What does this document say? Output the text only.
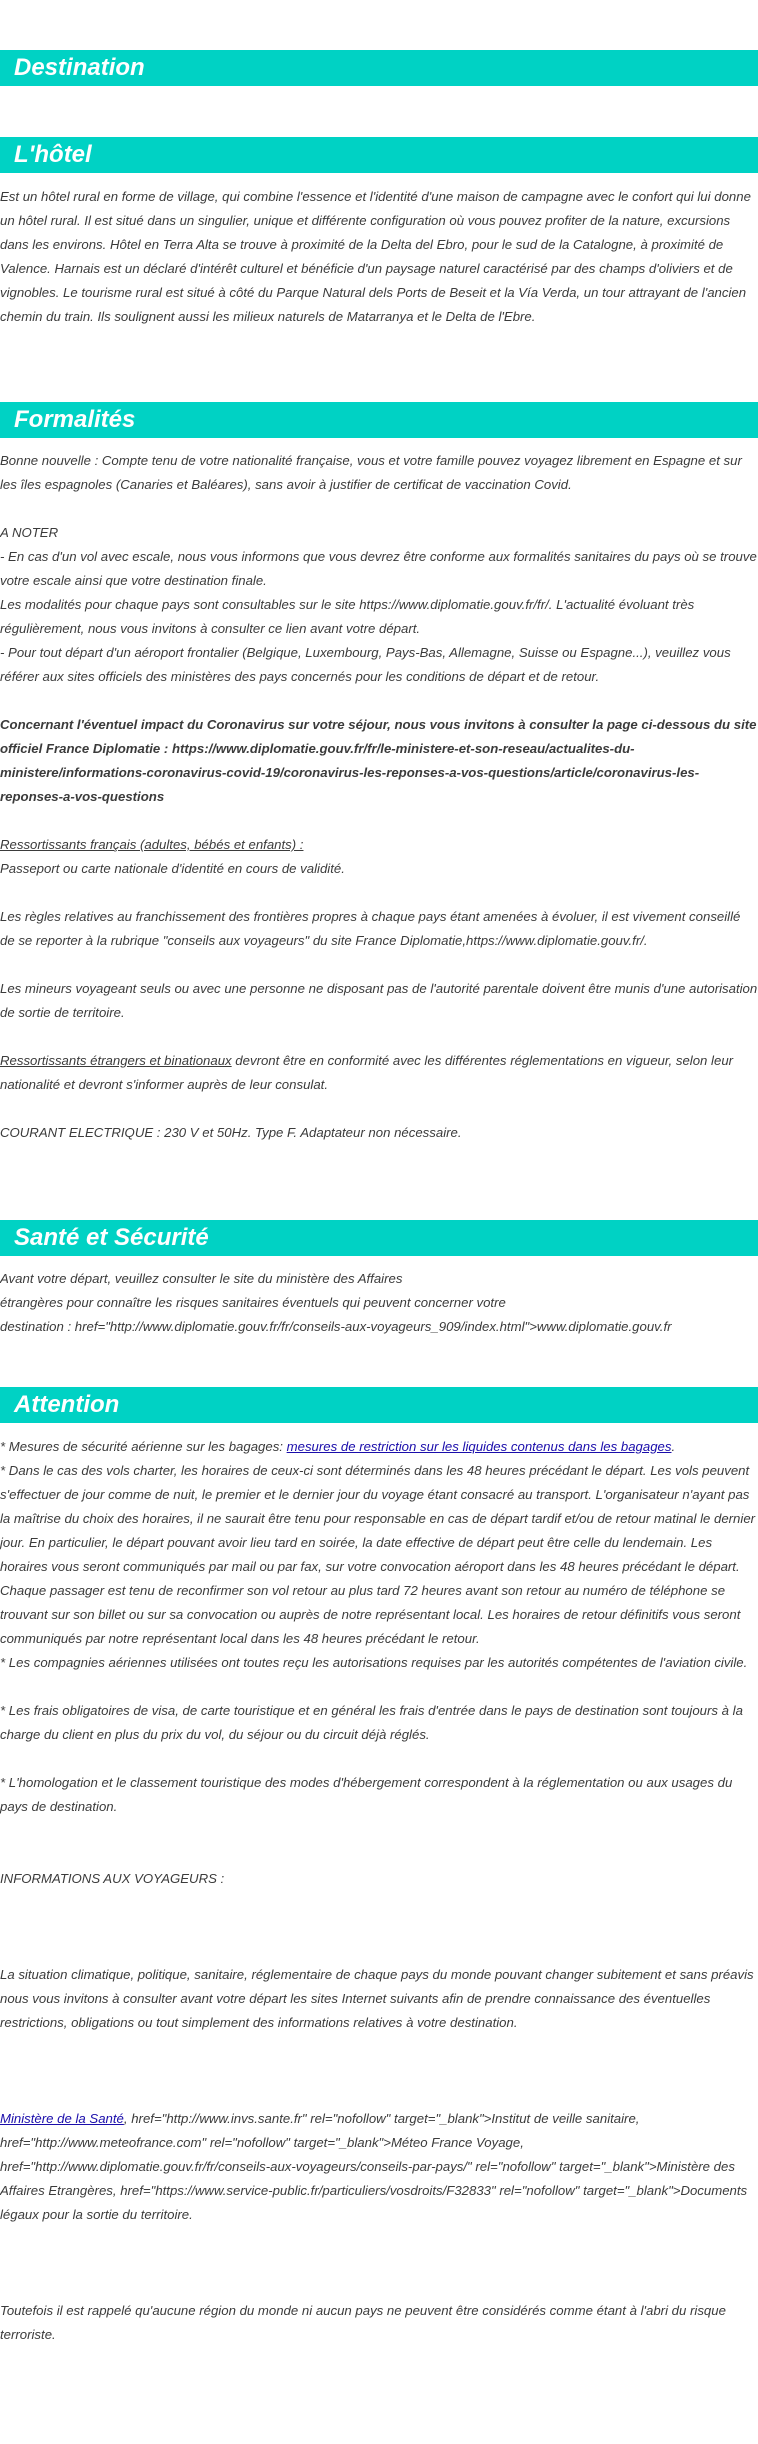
Destination
L'hôtel

Est un hôtel rural en forme de village, qui combine l'essence et l'identité d'une maison de campagne avec le confort qui lui donne un hôtel rural. Il est situé dans un singulier, unique et différente configuration où vous pouvez profiter de la nature, excursions dans les environs. Hôtel en Terra Alta se trouve à proximité de la Delta del Ebro, pour le sud de la Catalogne, à proximité de Valence. Harnais est un déclaré d'intérêt culturel et bénéficie d'un paysage naturel caractérisé par des champs d'oliviers et de vignobles. Le tourisme rural est situé à côté du Parque Natural dels Ports de Beseit et la Vía Verda, un tour attrayant de l'ancien chemin du train. Ils soulignent aussi les milieux naturels de Matarranya et le Delta de l'Ebre.

Formalités

Bonne nouvelle : Compte tenu de votre nationalité française, vous et votre famille pouvez voyagez librement en Espagne et sur les îles espagnoles (Canaries et Baléares), sans avoir à justifier de certificat de vaccination Covid.

A NOTER

- En cas d'un vol avec escale, nous vous informons que vous devrez être conforme aux formalités sanitaires du pays où se trouve votre escale ainsi que votre destination finale.

Les modalités pour chaque pays sont consultables sur le site https://www.diplomatie.gouv.fr/fr/. L'actualité évoluant très régulièrement, nous vous invitons à consulter ce lien avant votre départ.

- Pour tout départ d'un aéroport frontalier (Belgique, Luxembourg, Pays-Bas, Allemagne, Suisse ou Espagne...), veuillez vous référer aux sites officiels des ministères des pays concernés pour les conditions de départ et de retour.

Concernant l'éventuel impact du Coronavirus sur votre séjour, nous vous invitons à consulter la page ci-dessous du site officiel France Diplomatie : https://www.diplomatie.gouv.fr/fr/le-ministere-et-son-reseau/actualites-du-ministere/informations-coronavirus-covid-19/coronavirus-les-reponses-a-vos-questions/article/coronavirus-les-reponses-a-vos-questions

Ressortissants français (adultes, bébés et enfants) :

Passeport ou carte nationale d'identité en cours de validité.

Les règles relatives au franchissement des frontières propres à chaque pays étant amenées à évoluer, il est vivement conseillé de se reporter à la rubrique "conseils aux voyageurs" du site France Diplomatie,https://www.diplomatie.gouv.fr/.

Les mineurs voyageant seuls ou avec une personne ne disposant pas de l'autorité parentale doivent être munis d'une autorisation de sortie de territoire.

Ressortissants étrangers et binationaux devront être en conformité avec les différentes réglementations en vigueur, selon leur nationalité et devront s'informer auprès de leur consulat.

COURANT ELECTRIQUE : 230 V et 50Hz. Type F. Adaptateur non nécessaire.

Santé et Sécurité

Avant votre départ, veuillez consulter le site du ministère des Affaires

étrangères pour connaître les risques sanitaires éventuels qui peuvent concerner votre

destination : href="http://www.diplomatie.gouv.fr/fr/conseils-aux-voyageurs_909/index.html">www.diplomatie.gouv.fr

Attention

* Mesures de sécurité aérienne sur les bagages: mesures de restriction sur les liquides contenus dans les bagages.

* Dans le cas des vols charter, les horaires de ceux-ci sont déterminés dans les 48 heures précédant le départ. Les vols peuvent s'effectuer de jour comme de nuit, le premier et le dernier jour du voyage étant consacré au transport. L'organisateur n'ayant pas la maîtrise du choix des horaires, il ne saurait être tenu pour responsable en cas de départ tardif et/ou de retour matinal le dernier jour. En particulier, le départ pouvant avoir lieu tard en soirée, la date effective de départ peut être celle du lendemain. Les horaires vous seront communiqués par mail ou par fax, sur votre convocation aéroport dans les 48 heures précédant le départ. Chaque passager est tenu de reconfirmer son vol retour au plus tard 72 heures avant son retour au numéro de téléphone se trouvant sur son billet ou sur sa convocation ou auprès de notre représentant local. Les horaires de retour définitifs vous seront communiqués par notre représentant local dans les 48 heures précédant le retour.

* Les compagnies aériennes utilisées ont toutes reçu les autorisations requises par les autorités compétentes de l'aviation civile.

* Les frais obligatoires de visa, de carte touristique et en général les frais d'entrée dans le pays de destination sont toujours à la charge du client en plus du prix du vol, du séjour ou du circuit déjà réglés.

* L'homologation et le classement touristique des modes d'hébergement correspondent à la réglementation ou aux usages du pays de destination.

INFORMATIONS AUX VOYAGEURS :

La situation climatique, politique, sanitaire, réglementaire de chaque pays du monde pouvant changer subitement et sans préavis

nous vous invitons à consulter avant votre départ les sites Internet suivants afin de prendre connaissance des éventuelles restrictions, obligations ou tout simplement des informations relatives à votre destination.

Ministère de la Santé, href="http://www.invs.sante.fr" rel="nofollow" target="_blank">Institut de veille sanitaire, href="http://www.meteofrance.com" rel="nofollow" target="_blank">Méteo France Voyage, href="http://www.diplomatie.gouv.fr/fr/conseils-aux-voyageurs/conseils-par-pays/" rel="nofollow" target="_blank">Ministère des Affaires Etrangères, href="https://www.service-public.fr/particuliers/vosdroits/F32833" rel="nofollow" target="_blank">Documents légaux pour la sortie du territoire.

Toutefois il est rappelé qu'aucune région du monde ni aucun pays ne peuvent être considérés comme étant à l'abri du risque terroriste.
